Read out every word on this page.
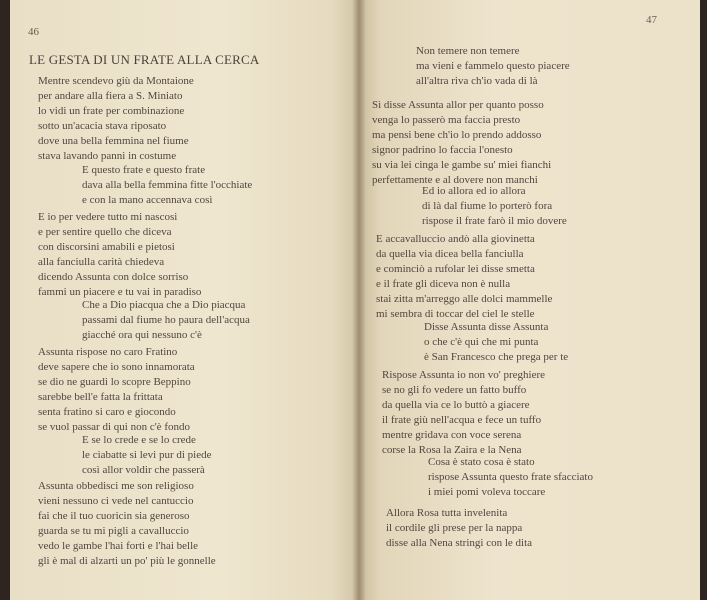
46
47
LE GESTA DI UN FRATE ALLA CERCA
Mentre scendevo giù da Montaione
per andare alla fiera a S. Miniato
lo vidi un frate per combinazione
sotto un'acacia stava riposato
dove una bella femmina nel fiume
stava lavando panni in costume
E questo frate e questo frate
dava alla bella femmina fitte l'occhiate
e con la mano accennava così
E io per vedere tutto mi nascosi
e per sentire quello che diceva
con discorsini amabili e pietosi
alla fanciulla carità chiedeva
dicendo Assunta con dolce sorriso
fammi un piacere e tu vai in paradiso
Che a Dio piacqua che a Dio piacqua
passami dal fiume ho paura dell'acqua
giacché ora qui nessuno c'è
Assunta rispose no caro Fratino
deve sapere che io sono innamorata
se dio ne guardi lo scopre Beppino
sarebbe bell'e fatta la frittata
senta fratino si caro e giocondo
se vuol passar di qui non c'è fondo
E se lo crede e se lo crede
le ciabatte si levi pur di piede
così allor voldir che passerà
Assunta obbedisci me son religioso
vieni nessuno ci vede nel cantuccio
fai che il tuo cuoricin sia generoso
guarda se tu mi pigli a cavalluccio
vedo le gambe l'hai forti e l'hai belle
gli è mal di alzarti un po' più le gonnelle
Non temere non temere
ma vieni e fammelo questo piacere
all'altra riva ch'io vada di là
Sì disse Assunta allor per quanto posso
venga lo passerò ma faccia presto
ma pensi bene ch'io lo prendo addosso
signor padrino lo faccia l'onesto
su via lei cinga le gambe su' miei fianchi
perfettamente e al dovere non manchi
Ed io allora ed io allora
di là dal fiume lo porterò fora
rispose il frate farò il mio dovere
E accavalluccio andò alla giovinetta
da quella via dicea bella fanciulla
e cominciò a rufolar lei disse smetta
e il frate gli diceva non è nulla
stai zitta m'arreggo alle dolci mammelle
mi sembra di toccar del ciel le stelle
Disse Assunta disse Assunta
o che c'è qui che mi punta
è San Francesco che prega per te
Rispose Assunta io non vo' preghiere
se no gli fo vedere un fatto buffo
da quella via ce lo buttò a giacere
il frate giù nell'acqua e fece un tuffo
mentre gridava con voce serena
corse la Rosa la Zaira e la Nena
Cosa è stato cosa è stato
rispose Assunta questo frate sfacciato
i miei pomi voleva toccare
Allora Rosa tutta invelenita
il cordile gli prese per la nappa
disse alla Nena stringi con le dita
